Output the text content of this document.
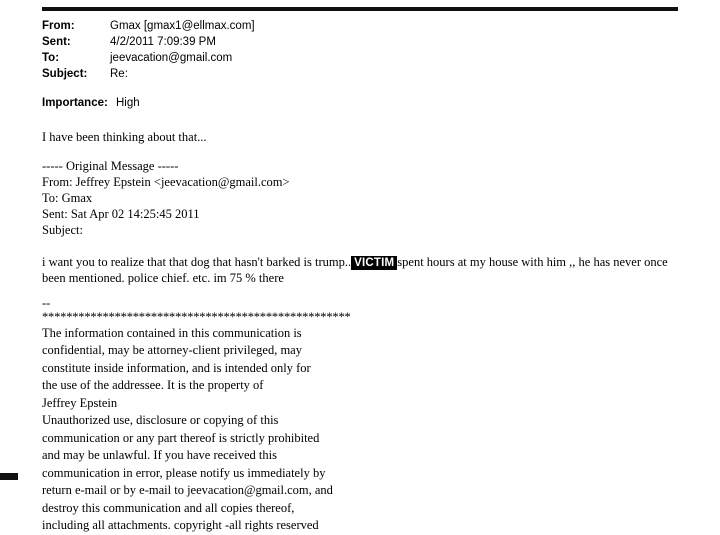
From:	Gmax [gmax1@ellmax.com]
Sent:	4/2/2011 7:09:39 PM
To:	jeevacation@gmail.com
Subject:	Re:
Importance: High
I have been thinking about that...
----- Original Message -----
From: Jeffrey Epstein <jeevacation@gmail.com>
To: Gmax
Sent: Sat Apr 02 14:25:45 2011
Subject:
i want you to realize that that dog that hasn't barked is trump.. VICTIM spent hours at my house with him ,, he has never once been mentioned. police chief. etc. im 75 % there
--
***************************************************
The information contained in this communication is
confidential, may be attorney-client privileged, may
constitute inside information, and is intended only for
the use of the addressee. It is the property of
Jeffrey Epstein
Unauthorized use, disclosure or copying of this
communication or any part thereof is strictly prohibited
and may be unlawful. If you have received this
communication in error, please notify us immediately by
return e-mail or by e-mail to jeevacation@gmail.com, and
destroy this communication and all copies thereof,
including all attachments. copyright -all rights reserved
